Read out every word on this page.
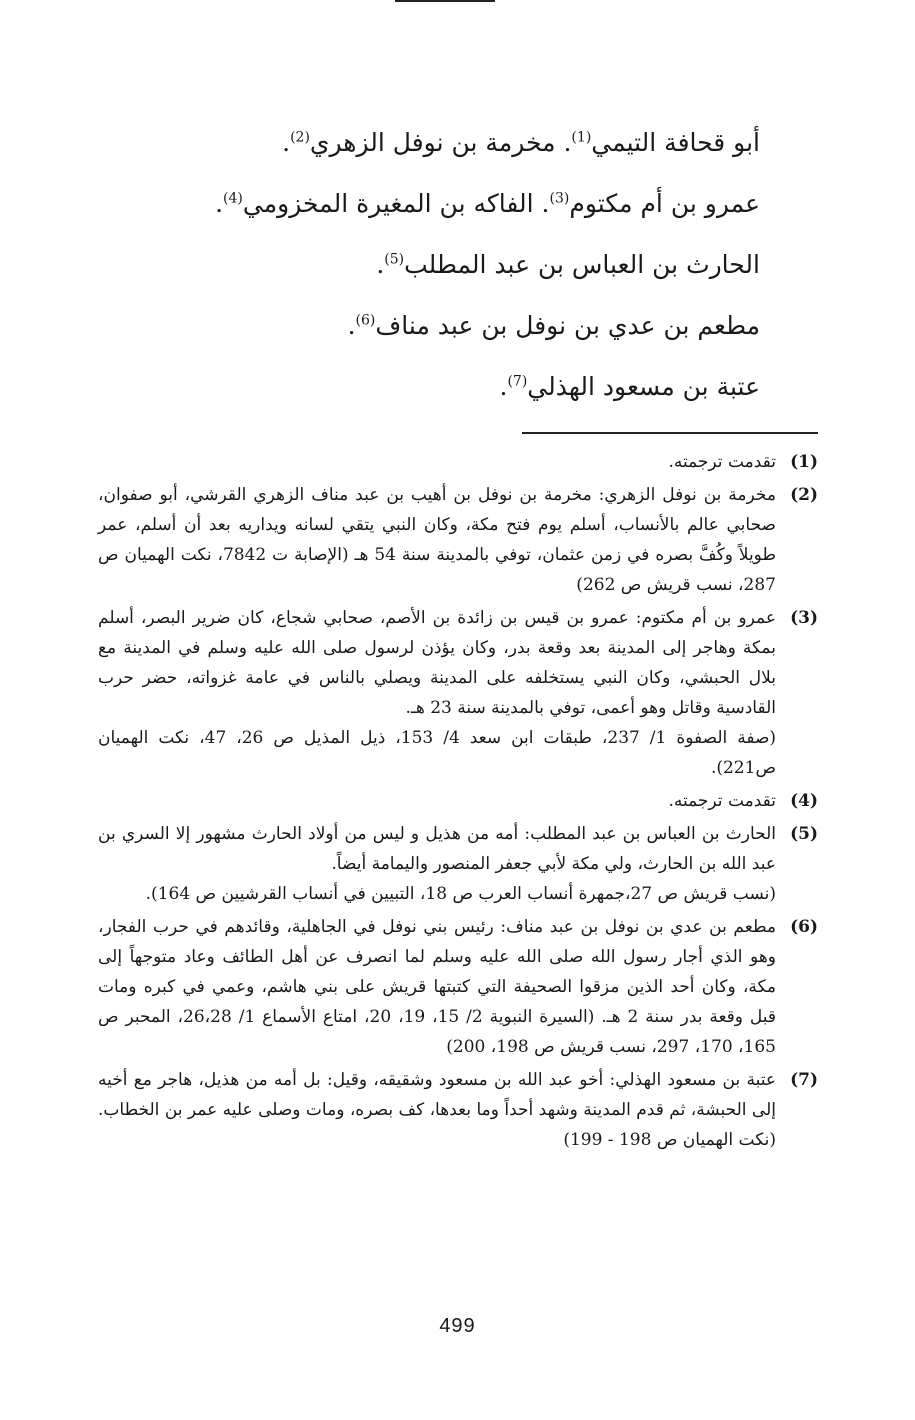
أبو قحافة التيمي$^{(1)}$. مخرمة بن نوفل الزهري$^{(2)}$.
عمرو بن أم مكتوم$^{(3)}$. الفاكه بن المغيرة المخزومي$^{(4)}$.
الحارث بن العباس بن عبد المطلب$^{(5)}$.
مطعم بن عدي بن نوفل بن عبد مناف$^{(6)}$.
عتبة بن مسعود الهذلي$^{(7)}$.
(1)

تقدمت ترجمته.

(2)

مخرمة بن نوفل الزهري: مخرمة بن نوفل بن أهيب بن عبد مناف الزهري القرشي، أبو صفوان، صحابي عالم بالأنساب، أسلم يوم فتح مكة، وكان النبي يتقي لسانه ويداريه بعد أن أسلم، عمر طويلاً وكُفَّ بصره في زمن عثمان، توفي بالمدينة سنة 54 هـ (الإصابة ت 7842، نكت الهميان ص 287، نسب قريش ص 262)

(3)

عمرو بن أم مكتوم: عمرو بن قيس بن زائدة بن الأصم، صحابي شجاع، كان ضرير البصر، أسلم بمكة وهاجر إلى المدينة بعد وقعة بدر، وكان يؤذن لرسول صلى الله عليه وسلم في المدينة مع بلال الحبشي، وكان النبي يستخلفه على المدينة ويصلي بالناس في عامة غزواته، حضر حرب القادسية وقاتل وهو أعمى، توفي بالمدينة سنة 23 هـ.

(صفة الصفوة 1/ 237، طبقات ابن سعد 4/ 153، ذيل المذيل ص 26، 47، نكت الهميان ص221).

(4)

تقدمت ترجمته.

(5)

الحارث بن العباس بن عبد المطلب: أمه من هذيل و ليس من أولاد الحارث مشهور إلا السري بن عبد الله بن الحارث، ولي مكة لأبي جعفر المنصور واليمامة أيضاً.

(نسب قريش ص 27،جمهرة أنساب العرب ص 18، التبيين في أنساب القرشيين ص 164).

(6)

مطعم بن عدي بن نوفل بن عبد مناف: رئيس بني نوفل في الجاهلية، وقائدهم في حرب الفجار، وهو الذي أجار رسول الله صلى الله عليه وسلم لما انصرف عن أهل الطائف وعاد متوجهاً إلى مكة، وكان أحد الذين مزقوا الصحيفة التي كتبتها قريش على بني هاشم، وعمي في كبره ومات قبل وقعة بدر سنة 2 هـ. (السيرة النبوية 2/ 15، 19، 20، امتاع الأسماع 1/ 26،28، المحبر ص 165، 170، 297، نسب قريش ص 198، 200)

(7)

عتبة بن مسعود الهذلي: أخو عبد الله بن مسعود وشقيقه، وقيل: بل أمه من هذيل، هاجر مع أخيه إلى الحبشة، ثم قدم المدينة وشهد أحداً وما بعدها، كف بصره، ومات وصلى عليه عمر بن الخطاب. (نكت الهميان ص 198 - 199)

499
